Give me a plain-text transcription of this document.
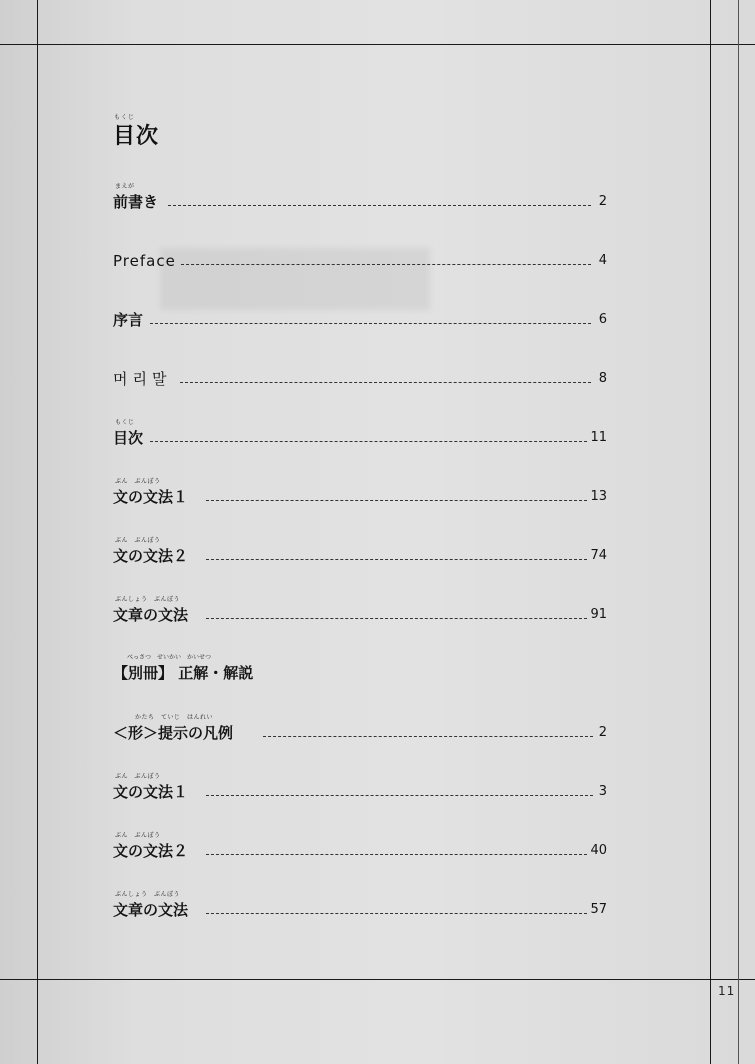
もくじ
目次
まえが
前書き	2
Preface	4
序言	6
머리말	8
もくじ
目次	11
ぶん　ぶんぽう
文の文法１	13
ぶん　ぶんぽう
文の文法２	74
ぶんしょう　ぶんぽう
文章の文法	91
べっさつ　せいかい　かいせつ
【別冊】 正解・解説
かたち　ていじ　はんれい
＜形＞提示の凡例	2
ぶん　ぶんぽう
文の文法１	3
ぶん　ぶんぽう
文の文法２	40
ぶんしょう　ぶんぽう
文章の文法	57
11
